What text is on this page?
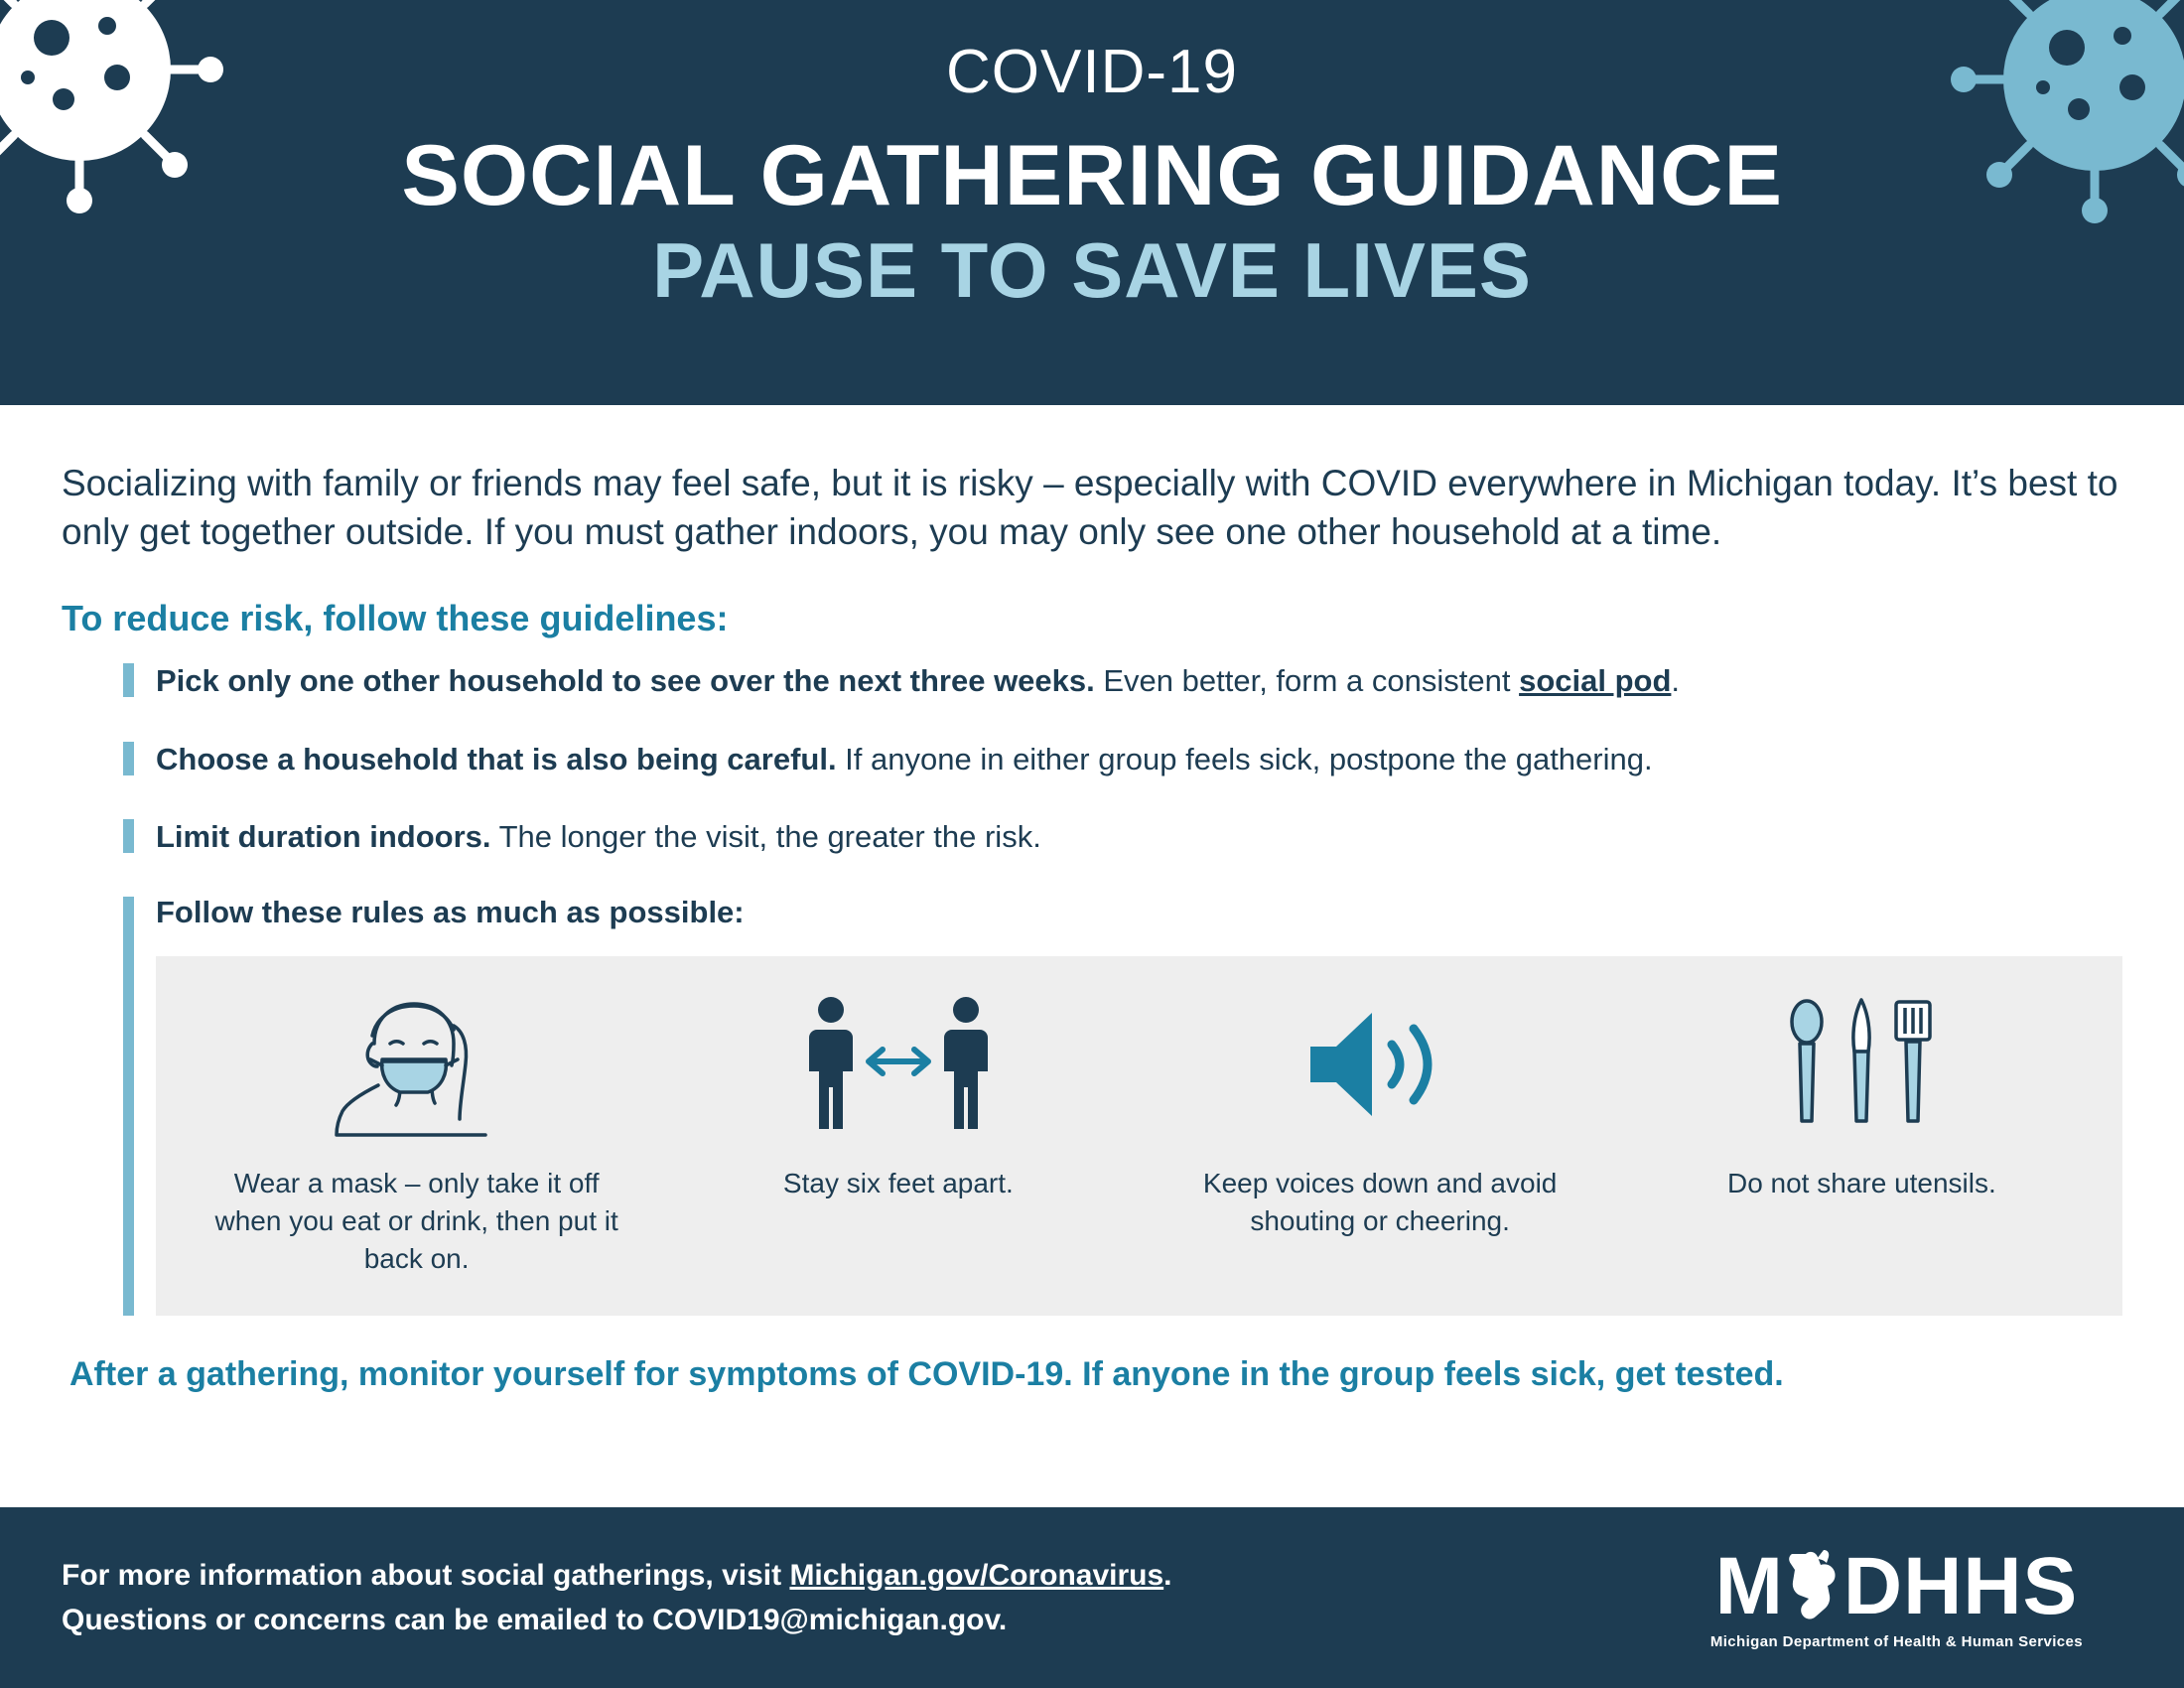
COVID-19
SOCIAL GATHERING GUIDANCE
PAUSE TO SAVE LIVES

Socializing with family or friends may feel safe, but it is risky – especially with COVID everywhere in Michigan today. It’s best to only get together outside. If you must gather indoors, you may only see one other household at a time.

To reduce risk, follow these guidelines:
Pick only one other household to see over the next three weeks. Even better, form a consistent social pod.
Choose a household that is also being careful. If anyone in either group feels sick, postpone the gathering.
Limit duration indoors. The longer the visit, the greater the risk.
Follow these rules as much as possible:
Wear a mask – only take it off when you eat or drink, then put it back on.
Stay six feet apart.	Keep voices down and avoid shouting or cheering.
Do not share utensils.
After a gathering, monitor yourself for symptoms of COVID-19. If anyone in the group feels sick, get tested.
For more information about social gatherings, visit Michigan.gov/Coronavirus.
Questions or concerns can be emailed to COVID19@michigan.gov.	M DHHS
Michigan Department of Health & Human Services
